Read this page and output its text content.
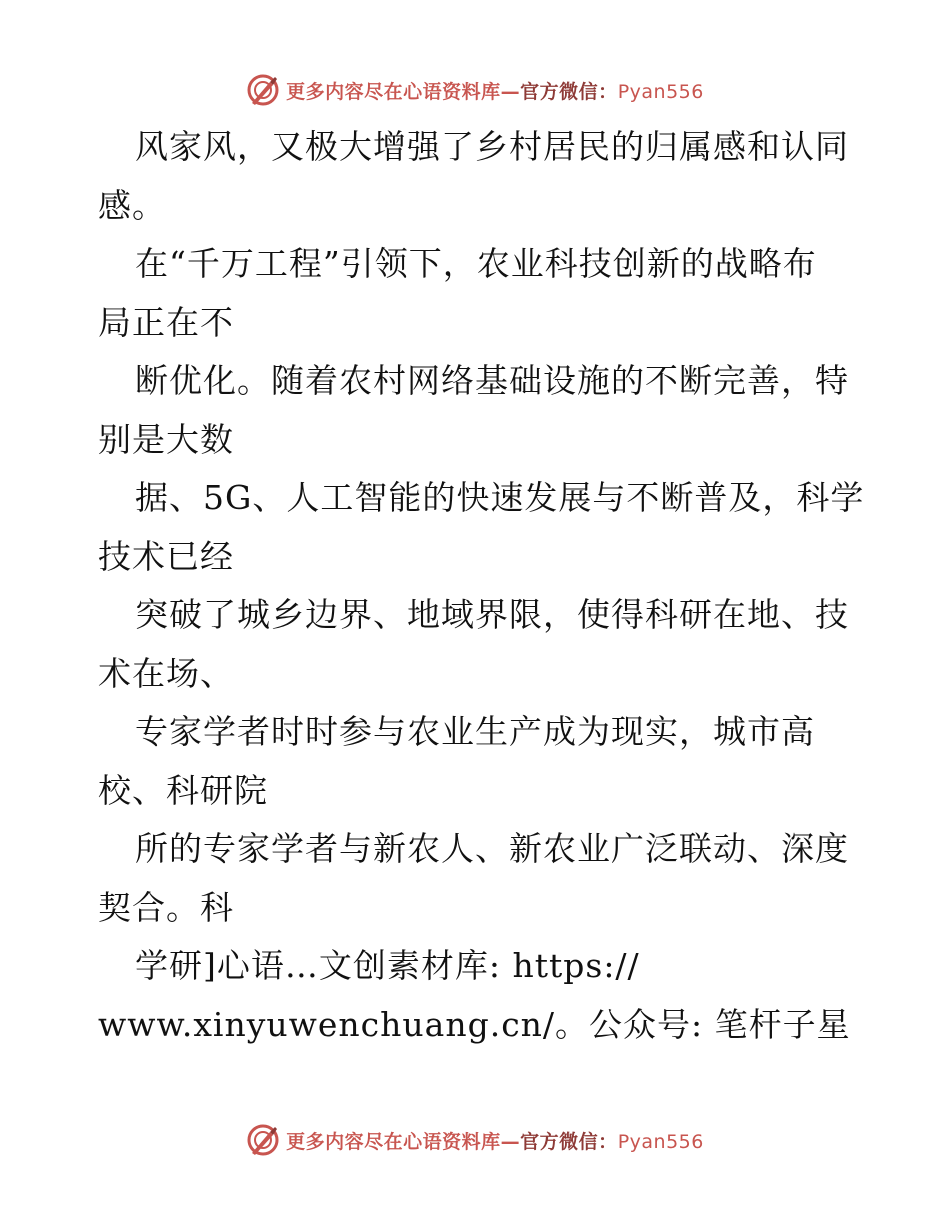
更多内容尽在心语资料库—官方微信：Pyan556
风家风，又极大增强了乡村居民的归属感和认同
感。
在“千万工程”引领下，农业科技创新的战略布
局正在不
断优化。随着农村网络基础设施的不断完善，特
别是大数
据、5G、人工智能的快速发展与不断普及，科学
技术已经
突破了城乡边界、地域界限，使得科研在地、技
术在场、
专家学者时时参与农业生产成为现实，城市高
校、科研院
所的专家学者与新农人、新农业广泛联动、深度
契合。科
学研]心语…文创素材库: https://
www.xinyuwenchuang.cn/。公众号: 笔杆子星
更多内容尽在心语资料库—官方微信：Pyan556
